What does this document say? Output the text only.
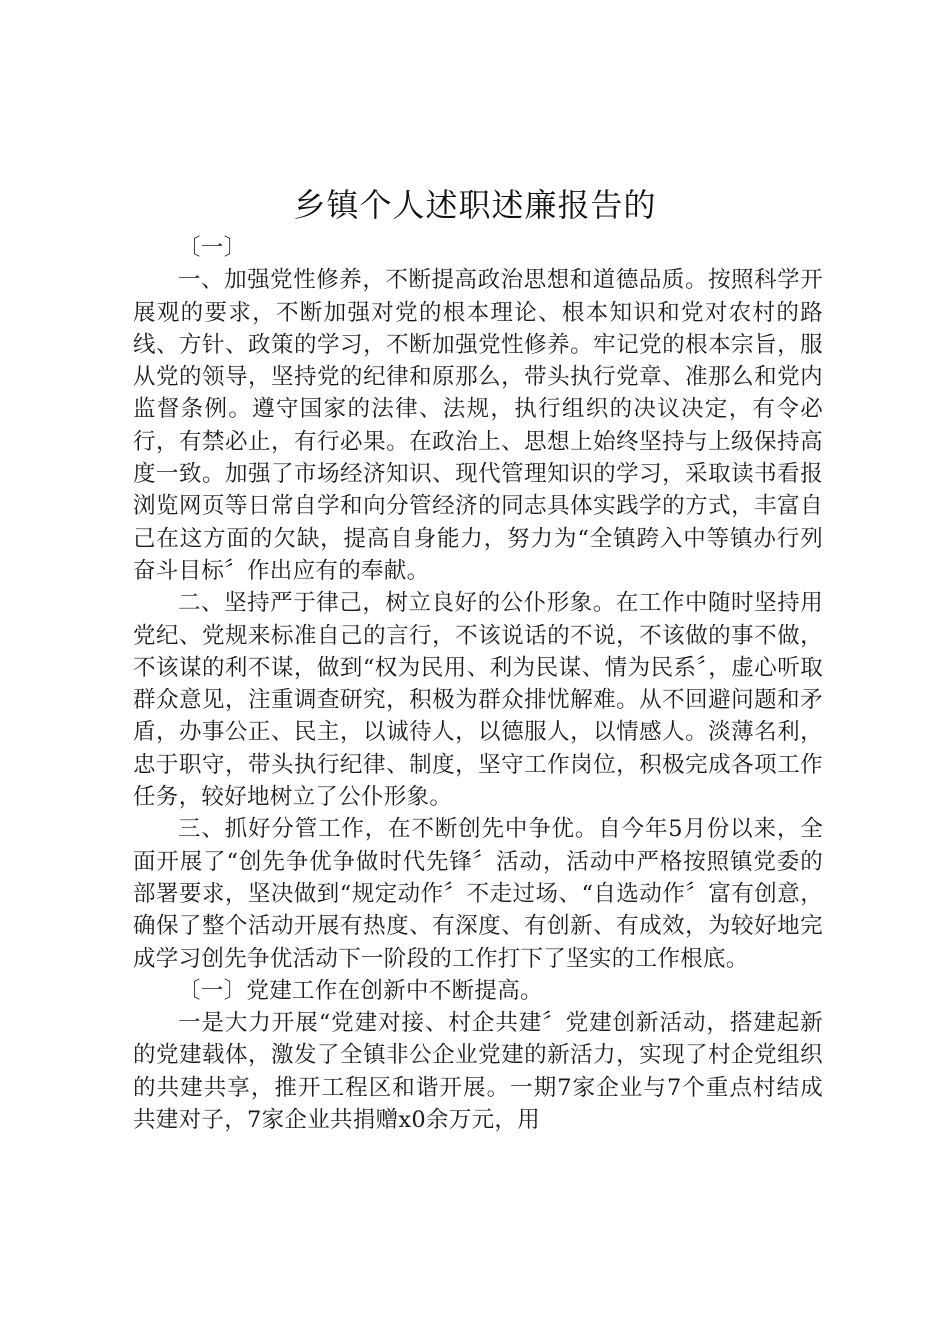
乡镇个人述职述廉报告的

〔一〕

一、加强党性修养，不断提高政治思想和道德品质。按照科学开展观的要求，不断加强对党的根本理论、根本知识和党对农村的路线、方针、政策的学习，不断加强党性修养。牢记党的根本宗旨，服从党的领导，坚持党的纪律和原那么，带头执行党章、准那么和党内监督条例。遵守国家的法律、法规，执行组织的决议决定，有令必行，有禁必止，有行必果。在政治上、思想上始终坚持与上级保持高度一致。加强了市场经济知识、现代管理知识的学习，采取读书看报浏览网页等日常自学和向分管经济的同志具体实践学的方式，丰富自己在这方面的欠缺，提高自身能力，努力为“全镇跨入中等镇办行列奋斗目标〞作出应有的奉献。

二、坚持严于律己，树立良好的公仆形象。在工作中随时坚持用党纪、党规来标准自己的言行，不该说话的不说，不该做的事不做，不该谋的利不谋，做到“权为民用、利为民谋、情为民系〞，虚心听取群众意见，注重调查研究，积极为群众排忧解难。从不回避问题和矛盾，办事公正、民主，以诚待人，以德服人，以情感人。淡薄名利，忠于职守，带头执行纪律、制度，坚守工作岗位，积极完成各项工作任务，较好地树立了公仆形象。

三、抓好分管工作，在不断创先中争优。自今年5月份以来，全面开展了“创先争优争做时代先锋〞活动，活动中严格按照镇党委的部署要求，坚决做到“规定动作〞不走过场、“自选动作〞富有创意，确保了整个活动开展有热度、有深度、有创新、有成效，为较好地完成学习创先争优活动下一阶段的工作打下了坚实的工作根底。

〔一〕党建工作在创新中不断提高。

一是大力开展“党建对接、村企共建〞党建创新活动，搭建起新的党建载体，激发了全镇非公企业党建的新活力，实现了村企党组织的共建共享，推开工程区和谐开展。一期7家企业与7个重点村结成共建对子，7家企业共捐赠x0余万元，用
